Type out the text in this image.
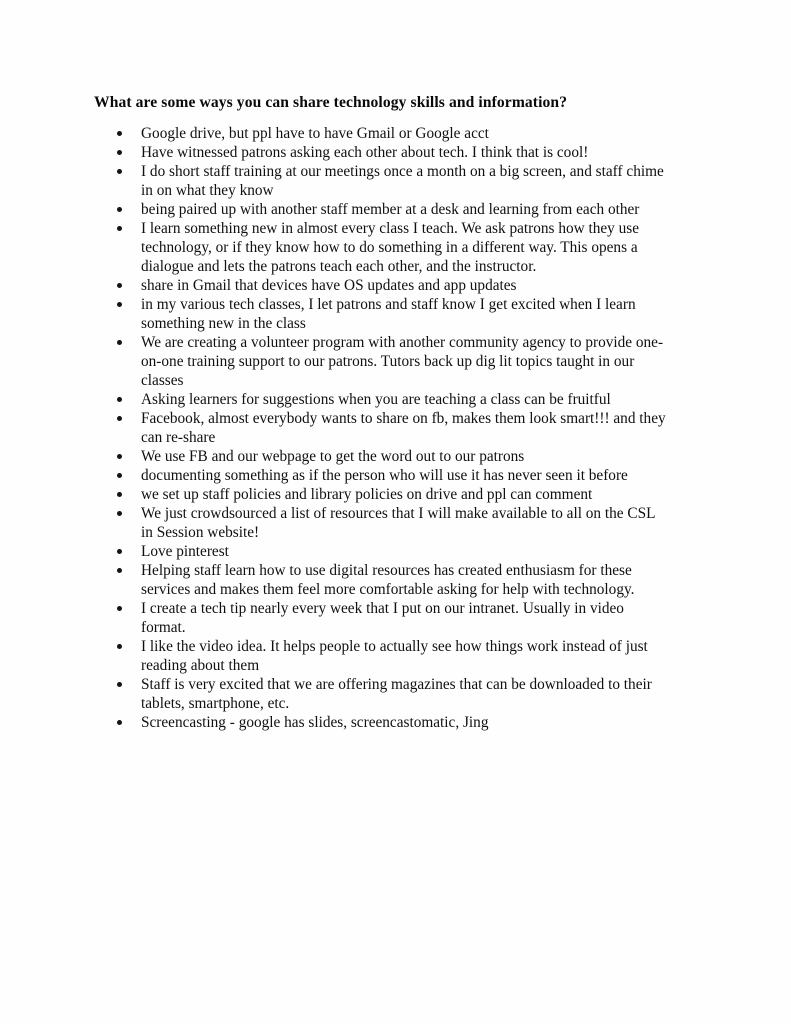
What are some ways you can share technology skills and information?
Google drive, but ppl have to have Gmail or Google acct
Have witnessed patrons asking each other about tech. I think that is cool!
I do short staff training at our meetings once a month on a big screen, and staff chime in on what they know
being paired up with another staff member at a desk and learning from each other
I learn something new in almost every class I teach. We ask patrons how they use technology, or if they know how to do something in a different way. This opens a dialogue and lets the patrons teach each other, and the instructor.
share in Gmail that devices have OS updates and app updates
in my various tech classes, I let patrons and staff know I get excited when I learn something new in the class
We are creating a volunteer program with another community agency to provide one-on-one training support to our patrons. Tutors back up dig lit topics taught in our classes
Asking learners for suggestions when you are teaching a class can be fruitful
Facebook, almost everybody wants to share on fb, makes them look smart!!! and they can re-share
We use FB and our webpage to get the word out to our patrons
documenting something as if the person who will use it has never seen it before
we set up staff policies and library policies on drive and ppl can comment
We just crowdsourced a list of resources that I will make available to all on the CSL in Session website!
Love pinterest
Helping staff learn how to use digital resources has created enthusiasm for these services and makes them feel more comfortable asking for help with technology.
I create a tech tip nearly every week that I put on our intranet. Usually in video format.
I like the video idea. It helps people to actually see how things work instead of just reading about them
Staff is very excited that we are offering magazines that can be downloaded to their tablets, smartphone, etc.
Screencasting - google has slides, screencastomatic, Jing
